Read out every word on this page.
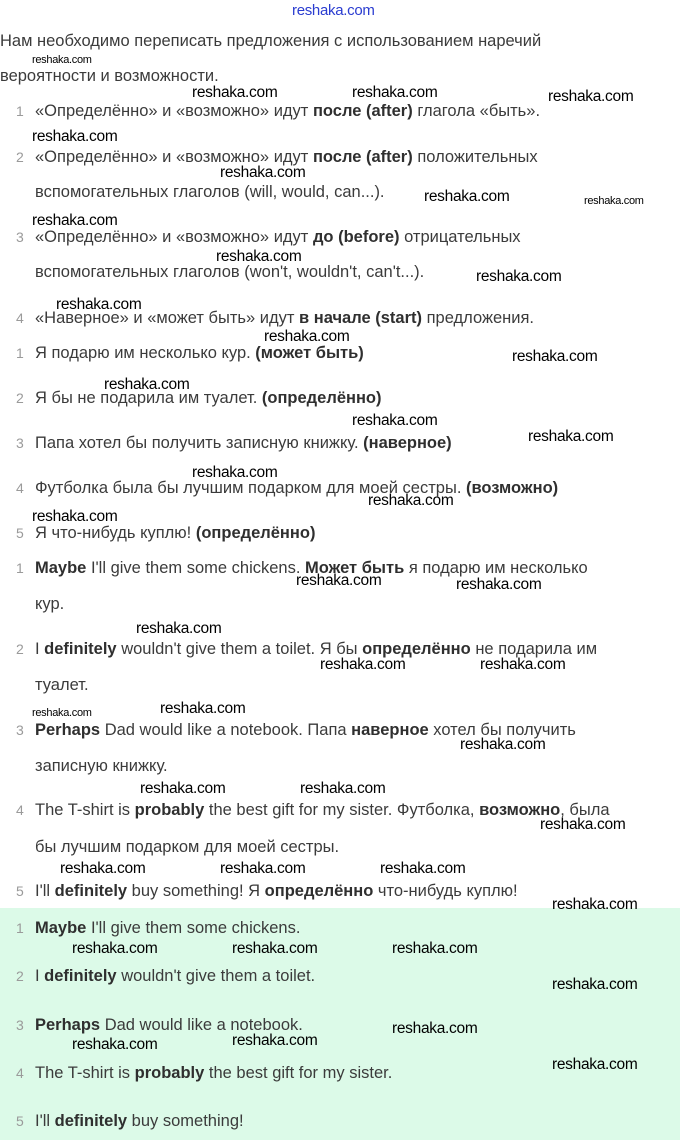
reshaka.com
Нам необходимо переписать предложения с использованием наречий
вероятности и возможности.
1 «Определённо» и «возможно» идут после (after) глагола «быть».
2 «Определённо» и «возможно» идут после (after) положительных
вспомогательных глаголов (will, would, can...).
3 «Определённо» и «возможно» идут до (before) отрицательных
вспомогательных глаголов (won't, wouldn't, can't...).
4 «Наверное» и «может быть» идут в начале (start) предложения.
1 Я подарю им несколько кур. (может быть)
2 Я бы не подарила им туалет. (определённо)
3 Папа хотел бы получить записную книжку. (наверное)
4 Футболка была бы лучшим подарком для моей сестры. (возможно)
5 Я что-нибудь куплю! (определённо)
1 Maybe I'll give them some chickens. Может быть я подарю им несколько
кур.
2 I definitely wouldn't give them a toilet. Я бы определённо не подарила им
туалет.
3 Perhaps Dad would like a notebook. Папа наверное хотел бы получить
записную книжку.
4 The T-shirt is probably the best gift for my sister. Футболка, возможно, была
бы лучшим подарком для моей сестры.
5 I'll definitely buy something! Я определённо что-нибудь куплю!
1 Maybe I'll give them some chickens.
2 I definitely wouldn't give them a toilet.
3 Perhaps Dad would like a notebook.
4 The T-shirt is probably the best gift for my sister.
5 I'll definitely buy something!
reshaka.com
reshaka.com	reshaka.com	reshaka.com
reshaka.com
reshaka.com
reshaka.com	reshaka.com
reshaka.com
reshaka.com
reshaka.com
reshaka.com
reshaka.com
reshaka.com
reshaka.com
reshaka.com
reshaka.com
reshaka.com
reshaka.com
reshaka.com
reshaka.com	reshaka.com
reshaka.com
reshaka.com	reshaka.com
reshaka.com	reshaka.com
reshaka.com
reshaka.com	reshaka.com
reshaka.com
reshaka.com	reshaka.com	reshaka.com
reshaka.com
reshaka.com	reshaka.com	reshaka.com
reshaka.com
reshaka.com
reshaka.com	reshaka.com
reshaka.com
